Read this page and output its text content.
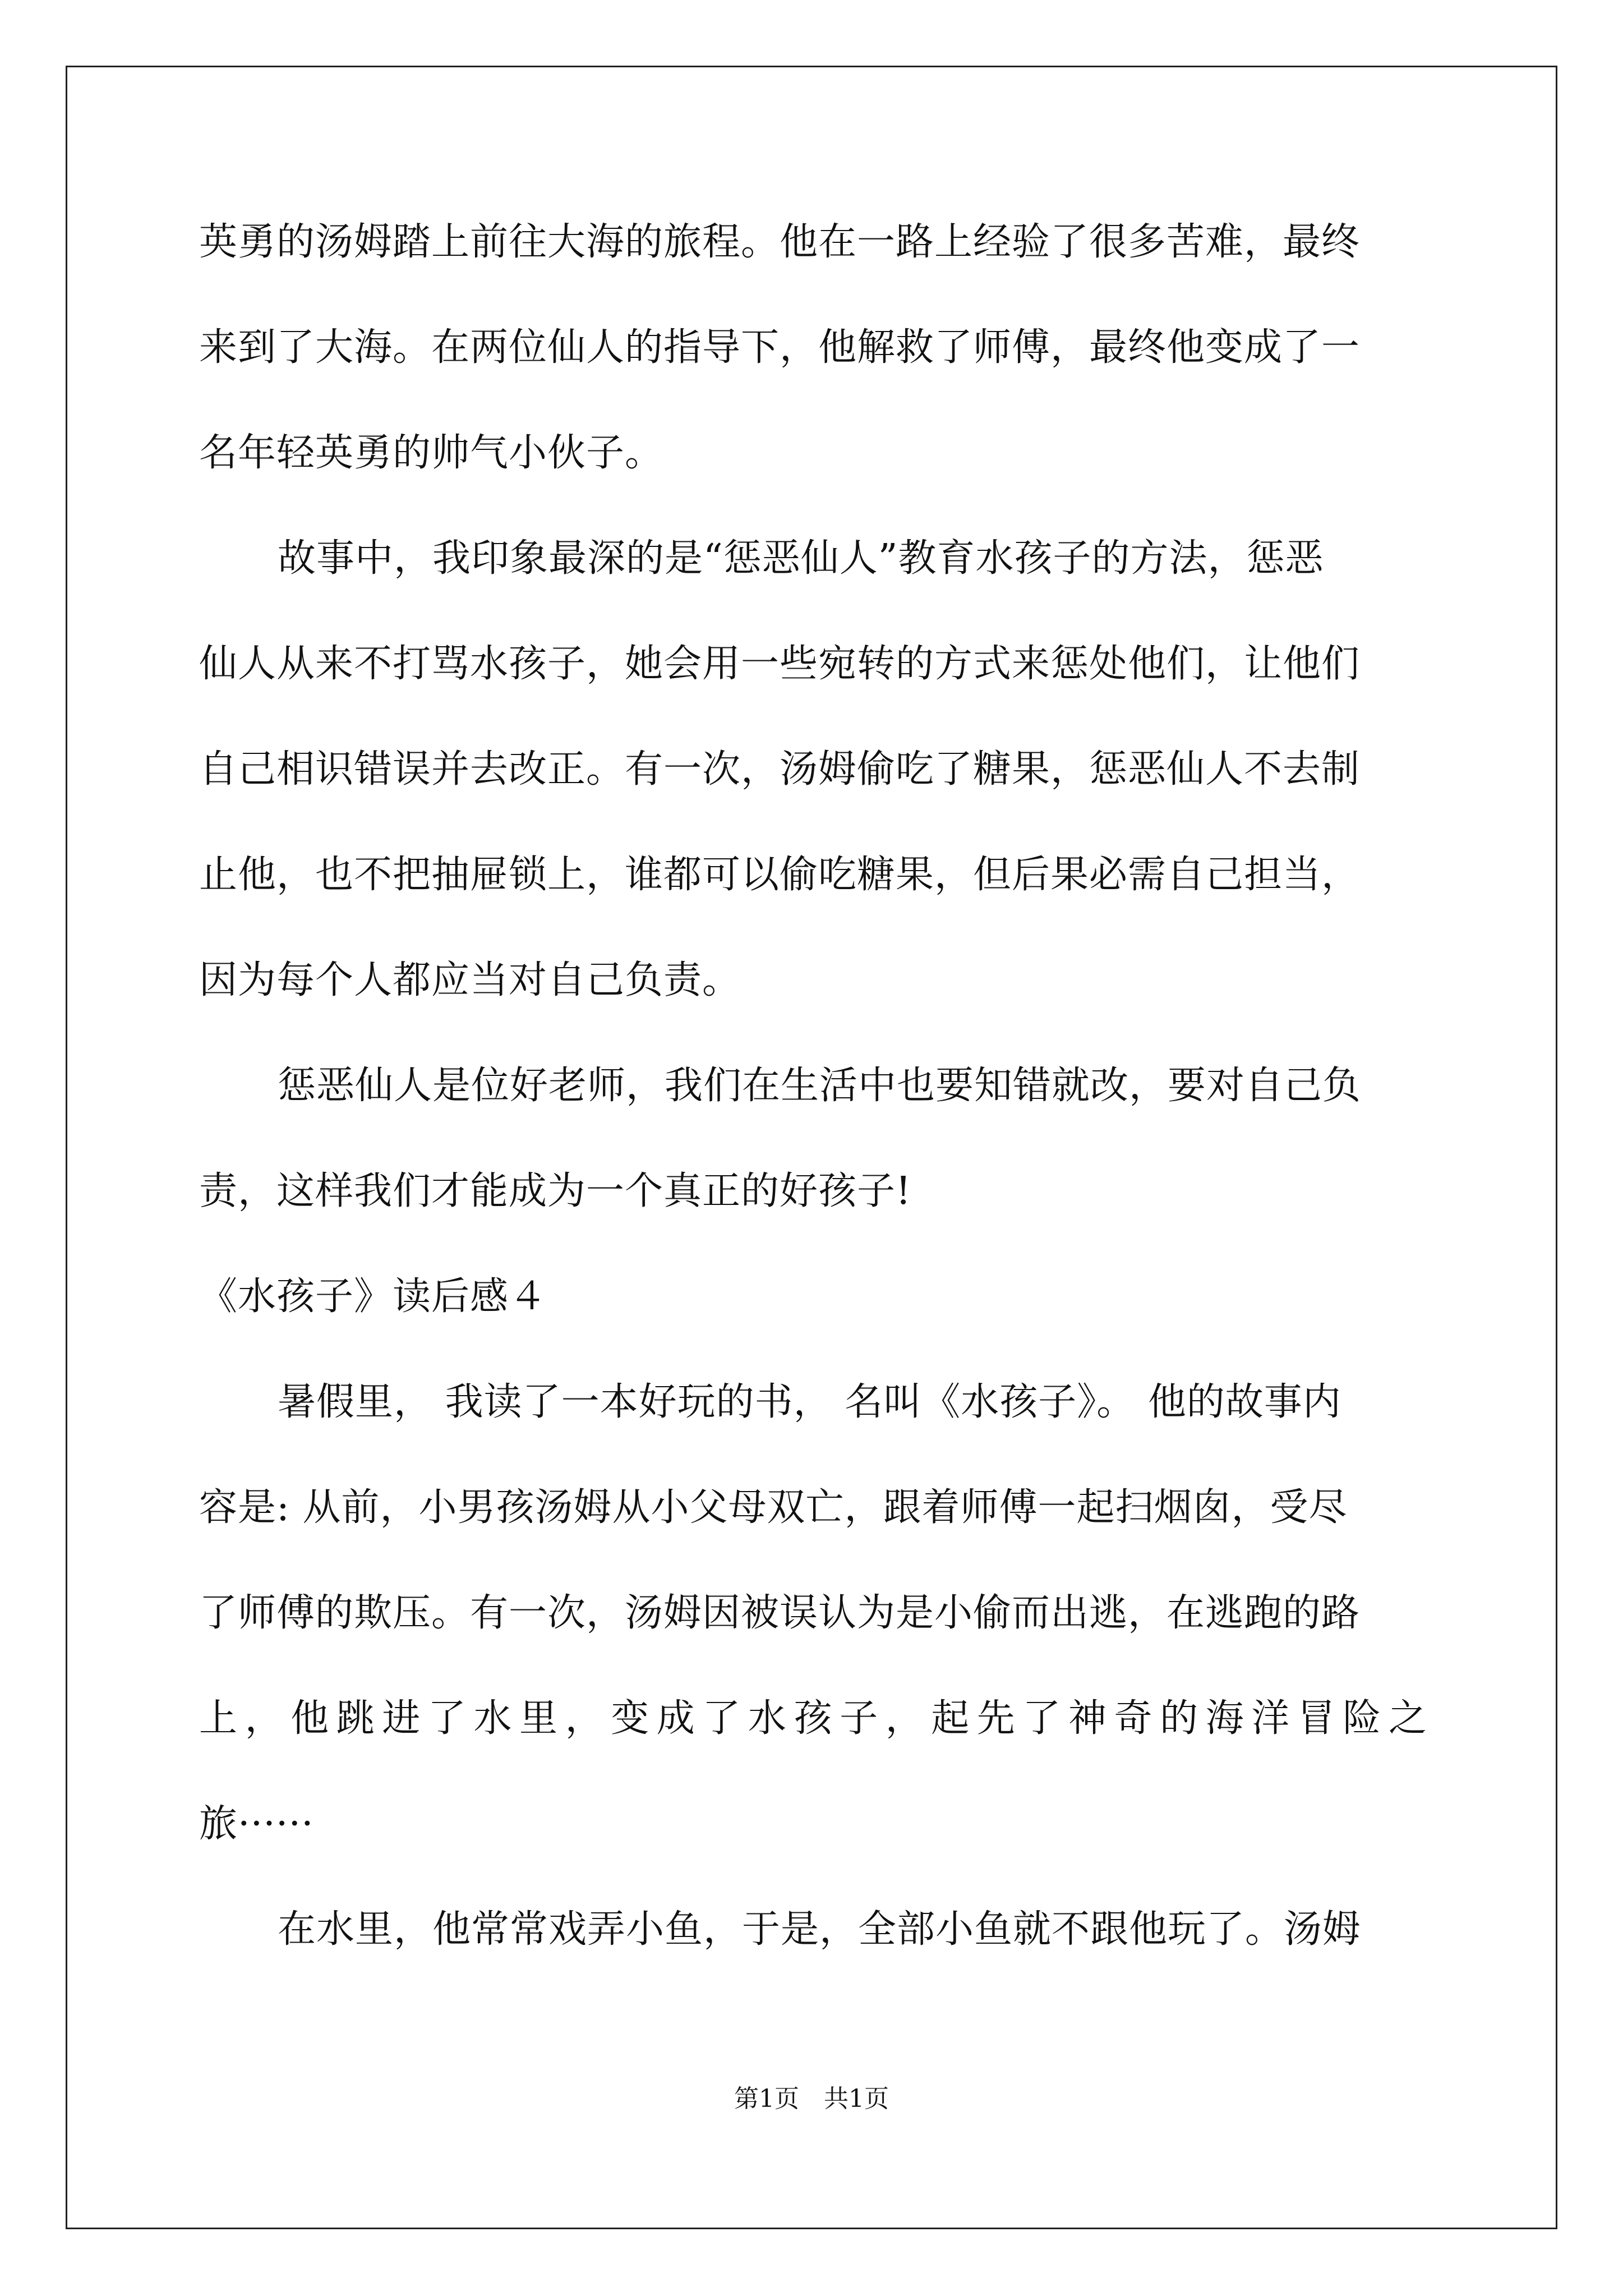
英勇的汤姆踏上前往大海的旅程。他在一路上经验了很多苦难，最终
来到了大海。在两位仙人的指导下，他解救了师傅，最终他变成了一
名年轻英勇的帅气小伙子。
故事中，我印象最深的是“惩恶仙人”教育水孩子的方法，惩恶
仙人从来不打骂水孩子，她会用一些宛转的方式来惩处他们，让他们
自己相识错误并去改正。有一次，汤姆偷吃了糖果，惩恶仙人不去制
止他，也不把抽屉锁上，谁都可以偷吃糖果，但后果必需自己担当，
因为每个人都应当对自己负责。
惩恶仙人是位好老师，我们在生活中也要知错就改，要对自己负
责，这样我们才能成为一个真正的好孩子!
《水孩子》读后感４
暑假里， 我读了一本好玩的书， 名叫《水孩子》。 他的故事内
容是: 从前，小男孩汤姆从小父母双亡，跟着师傅一起扫烟囱，受尽
了师傅的欺压。有一次，汤姆因被误认为是小偷而出逃，在逃跑的路
上，他跳进了水里，变成了水孩子，起先了神奇的海洋冒险之
旅······
在水里，他常常戏弄小鱼，于是，全部小鱼就不跟他玩了。汤姆
第1页　共1页
